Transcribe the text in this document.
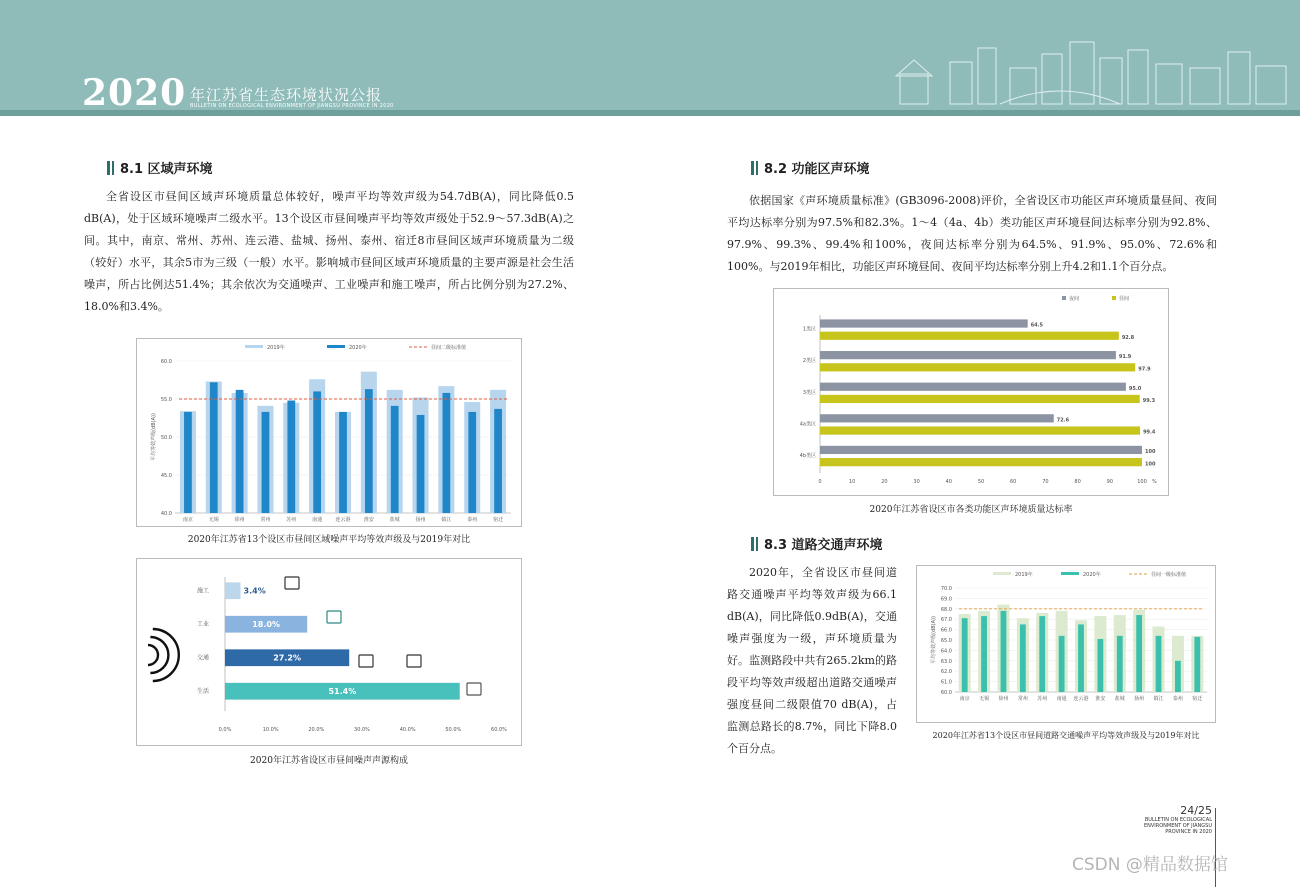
2020 年江苏省生态环境状况公报
BULLETIN ON ECOLOGICAL ENVIRONMENT OF JIANGSU PROVINCE IN 2020
8.1 区域声环境
全省设区市昼间区域声环境质量总体较好，噪声平均等效声级为54.7dB(A)，同比降低0.5 dB(A)，处于区域环境噪声二级水平。13个设区市昼间噪声平均等效声级处于52.9～57.3dB(A)之间。其中，南京、常州、苏州、连云港、盐城、扬州、泰州、宿迁8市昼间区域声环境质量为二级（较好）水平，其余5市为三级（一般）水平。影响城市昼间区域声环境质量的主要声源是社会生活噪声，所占比例达51.4%；其余依次为交通噪声、工业噪声和施工噪声，所占比例分别为27.2%、18.0%和3.4%。
40.0
45.0
50.0
55.0
60.0
平均等效声级(dB(A))
南京	无锡	徐州	常州	苏州	南通	连云港	淮安	盐城	扬州	镇江	泰州	宿迁
2019年	2020年	昼间二级标准值
2020年江苏省13个设区市昼间区域噪声平均等效声级及与2019年对比
0.0%	10.0%	20.0%	30.0%	40.0%	50.0%	60.0%
施工	3.4%
工业	18.0%
交通	27.2%
生活	51.4%
2020年江苏省设区市昼间噪声声源构成
8.2 功能区声环境
依据国家《声环境质量标准》(GB3096-2008)评价，全省设区市功能区声环境质量昼间、夜间平均达标率分别为97.5%和82.3%。1～4（4a、4b）类功能区声环境昼间达标率分别为92.8%、97.9%、99.3%、99.4%和100%，夜间达标率分别为64.5%、91.9%、95.0%、72.6%和100%。与2019年相比，功能区声环境昼间、夜间平均达标率分别上升4.2和1.1个百分点。
0	10	20	30	40	50	60	70	80	90	100 %
64.5
92.8
1类区
91.9
97.9
2类区
95.0
99.3
3类区
72.6
99.4
4a类区
100
100
4b类区
夜间	昼间
2020年江苏省设区市各类功能区声环境质量达标率
8.3 道路交通声环境
2020年，全省设区市昼间道路交通噪声平均等效声级为66.1 dB(A)，同比降低0.9dB(A)，交通噪声强度为一级，声环境质量为好。监测路段中共有265.2km的路段平均等效声级超出道路交通噪声强度昼间二级限值70 dB(A)，占监测总路长的8.7%，同比下降8.0个百分点。
60.0
61.0
62.0
63.0
64.0
65.0
66.0
67.0
68.0
69.0
70.0
平均等效声级(dB(A))
南京 无锡 徐州 常州 苏州 南通 连云港 淮安 盐城 扬州 镇江 泰州 宿迁
2019年	2020年	昼间一级标准值
2020年江苏省13个设区市昼间道路交通噪声平均等效声级及与2019年对比
24/25
BULLETIN ON ECOLOGICAL
ENVIRONMENT OF JIANGSU PROVINCE IN 2020
CSDN @精品数据馆
